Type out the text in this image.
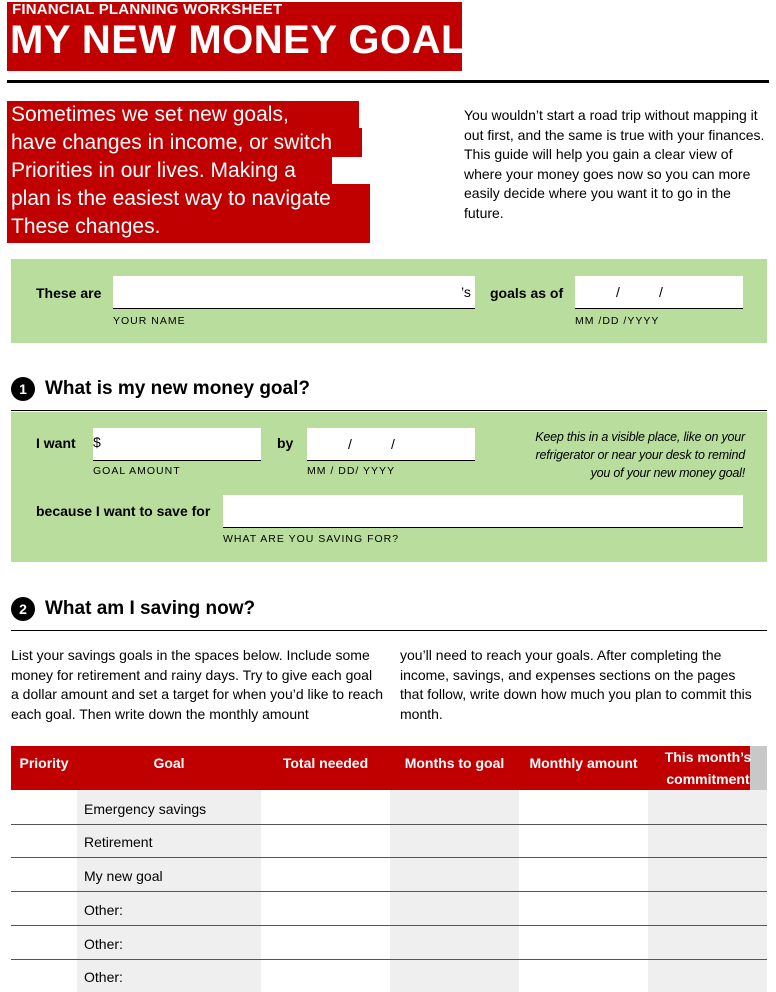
FINANCIAL PLANNING WORKSHEET
MY NEW MONEY GOAL
Sometimes we set new goals,
have changes in income, or switch
Priorities in our lives. Making a
plan is the easiest way to navigate
These changes.
You wouldn’t start a road trip without mapping it out first, and the same is true with your finances. This guide will help you gain a clear view of where your money goes now so you can more easily decide where you want it to go in the future.
These are	’s
YOUR NAME
goals as of	/	/
MM /DD /YYYY
1 What is my new money goal?
I want $
GOAL AMOUNT
by	/	/
MM / DD/ YYYY
Keep this in a visible place, like on your
refrigerator or near your desk to remind
you of your new money goal!
because I want to save for
WHAT ARE YOU SAVING FOR?
2 What am I saving now?
List your savings goals in the spaces below. Include some money for retirement and rainy days. Try to give each goal a dollar amount and set a target for when you’d like to reach each goal. Then write down the monthly amount
you’ll need to reach your goals. After completing the income, savings, and expenses sections on the pages that follow, write down how much you plan to commit this month.
Priority	Goal	Total needed	Months to goal	Monthly amount	This month’s
commitment
Emergency savings
Retirement
My new goal
Other:
Other:
Other:
